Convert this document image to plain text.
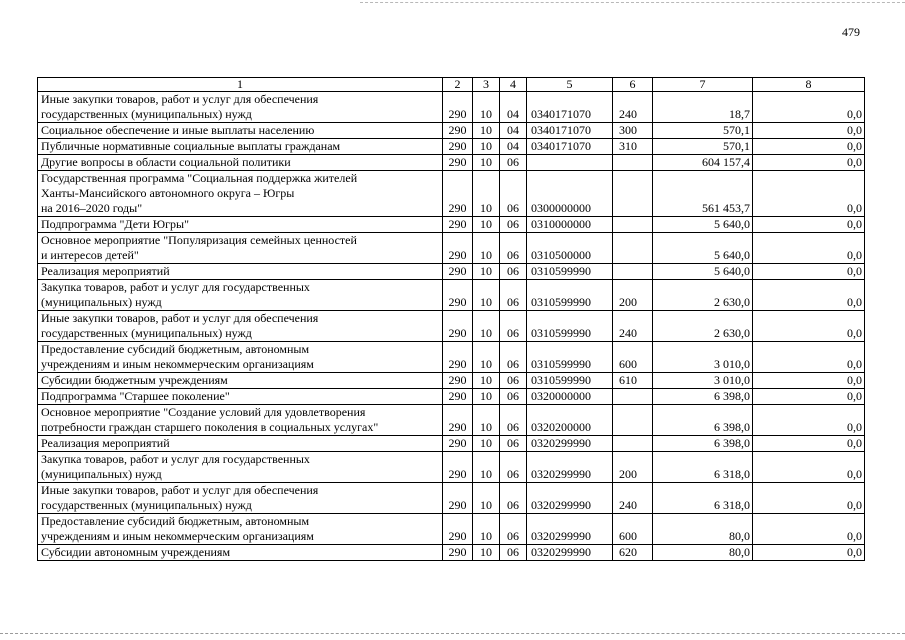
479
1	2	3	4	5	6	7	8

Иные закупки товаров, работ и услуг для обеспечения
государственных (муниципальных) нужд	290	10	04	0340171070	240	18,7	0,0

Социальное обеспечение и иные выплаты населению	290	10	04	0340171070	300	570,1	0,0

Публичные нормативные социальные выплаты гражданам	290	10	04	0340171070	310	570,1	0,0

Другие вопросы в области социальной политики	290	10	06			604 157,4	0,0

Государственная программа "Социальная поддержка жителей
Ханты-Мансийского автономного округа – Югры
на 2016–2020 годы"	290	10	06	0300000000		561 453,7	0,0

Подпрограмма "Дети Югры"	290	10	06	0310000000		5 640,0	0,0

Основное мероприятие "Популяризация семейных ценностей
и интересов детей"	290	10	06	0310500000		5 640,0	0,0

Реализация мероприятий	290	10	06	0310599990		5 640,0	0,0

Закупка товаров, работ и услуг для государственных
(муниципальных) нужд	290	10	06	0310599990	200	2 630,0	0,0

Иные закупки товаров, работ и услуг для обеспечения
государственных (муниципальных) нужд	290	10	06	0310599990	240	2 630,0	0,0

Предоставление субсидий бюджетным, автономным
учреждениям и иным некоммерческим организациям	290	10	06	0310599990	600	3 010,0	0,0

Субсидии бюджетным учреждениям	290	10	06	0310599990	610	3 010,0	0,0

Подпрограмма "Старшее поколение"	290	10	06	0320000000		6 398,0	0,0

Основное мероприятие "Создание условий для удовлетворения
потребности граждан старшего поколения в социальных услугах"	290	10	06	0320200000		6 398,0	0,0

Реализация мероприятий	290	10	06	0320299990		6 398,0	0,0

Закупка товаров, работ и услуг для государственных
(муниципальных) нужд	290	10	06	0320299990	200	6 318,0	0,0

Иные закупки товаров, работ и услуг для обеспечения
государственных (муниципальных) нужд	290	10	06	0320299990	240	6 318,0	0,0

Предоставление субсидий бюджетным, автономным
учреждениям и иным некоммерческим организациям	290	10	06	0320299990	600	80,0	0,0

Субсидии автономным учреждениям	290	10	06	0320299990	620	80,0	0,0
